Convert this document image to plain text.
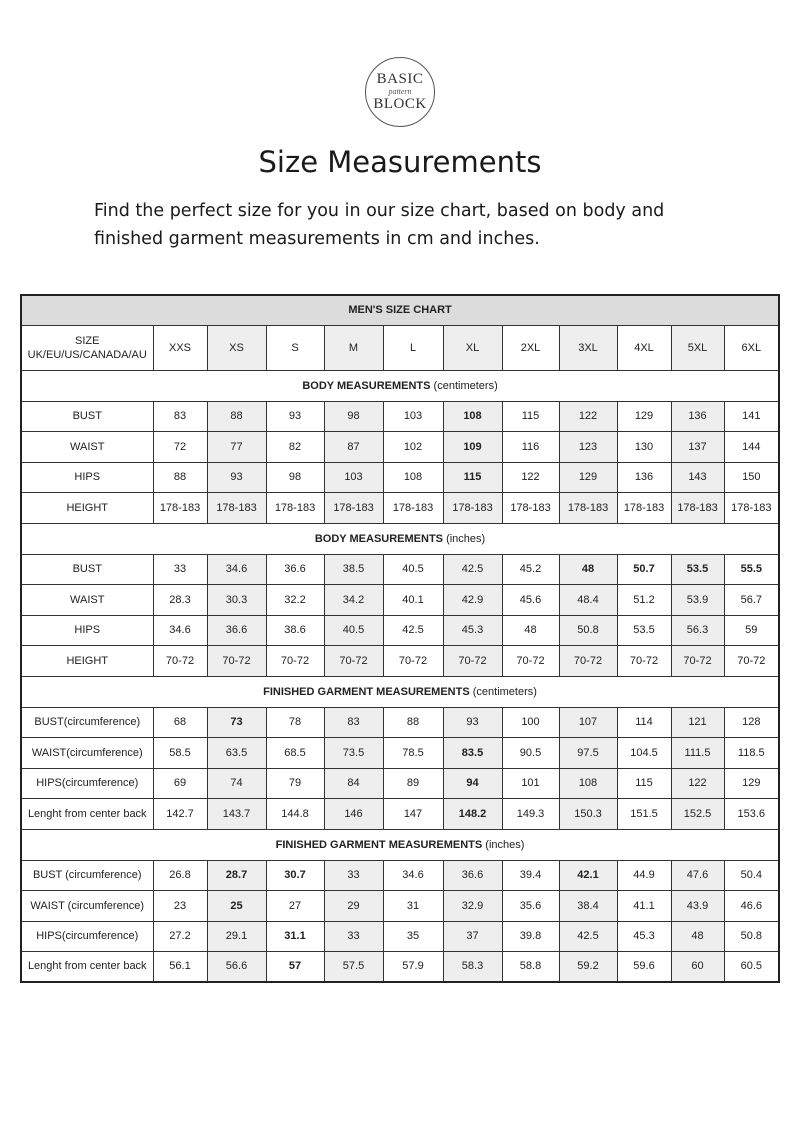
BASIC
pattern
BLOCK
Size Measurements

Find the perfect size for you in our size chart, based on body and finished garment measurements in cm and inches.

MEN'S SIZE CHART											

SIZE
UK/EU/US/CANADA/AU	XXS	XS	S	M	L	XL	2XL	3XL	4XL	5XL	6XL
BODY MEASUREMENTS (centimeters)											
BUST	83	88	93	98	103	108	115	122	129	136	141
WAIST	72	77	82	87	102	109	116	123	130	137	144
HIPS	88	93	98	103	108	115	122	129	136	143	150
HEIGHT	178-183	178-183	178-183	178-183	178-183	178-183	178-183	178-183	178-183	178-183	178-183
BODY MEASUREMENTS (inches)											
BUST	33	34.6	36.6	38.5	40.5	42.5	45.2	48	50.7	53.5	55.5
WAIST	28.3	30.3	32.2	34.2	40.1	42.9	45.6	48.4	51.2	53.9	56.7
HIPS	34.6	36.6	38.6	40.5	42.5	45.3	48	50.8	53.5	56.3	59
HEIGHT	70-72	70-72	70-72	70-72	70-72	70-72	70-72	70-72	70-72	70-72	70-72
FINISHED GARMENT MEASUREMENTS (centimeters)											
BUST(circumference)	68	73	78	83	88	93	100	107	114	121	128
WAIST(circumference)	58.5	63.5	68.5	73.5	78.5	83.5	90.5	97.5	104.5	111.5	118.5
HIPS(circumference)	69	74	79	84	89	94	101	108	115	122	129
Lenght from center back	142.7	143.7	144.8	146	147	148.2	149.3	150.3	151.5	152.5	153.6
FINISHED GARMENT MEASUREMENTS (inches)											
BUST (circumference)	26.8	28.7	30.7	33	34.6	36.6	39.4	42.1	44.9	47.6	50.4
WAIST (circumference)	23	25	27	29	31	32.9	35.6	38.4	41.1	43.9	46.6
HIPS(circumference)	27.2	29.1	31.1	33	35	37	39.8	42.5	45.3	48	50.8
Lenght from center back	56.1	56.6	57	57.5	57.9	58.3	58.8	59.2	59.6	60	60.5
